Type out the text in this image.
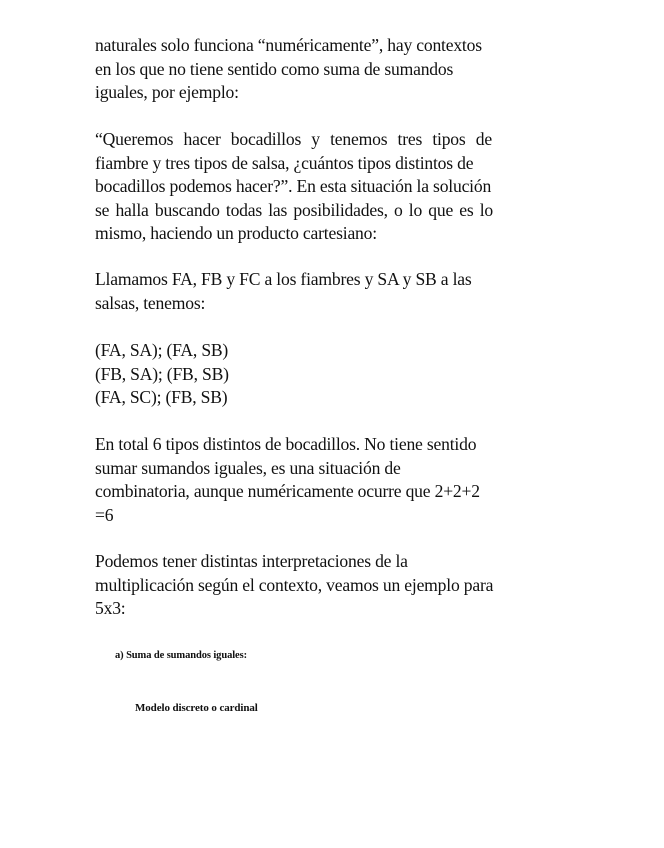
naturales solo funciona “numéricamente”, hay contextos
en los que no tiene sentido como suma de sumandos
iguales, por ejemplo:
“Queremos hacer bocadillos y tenemos tres tipos de
fiambre y tres tipos de salsa, ¿cuántos tipos distintos de
bocadillos podemos hacer?”. En esta situación la solución
se halla buscando todas las posibilidades, o lo que es lo
mismo, haciendo un producto cartesiano:
Llamamos FA, FB y FC a los fiambres y SA y SB a las
salsas, tenemos:
(FA, SA); (FA, SB)
(FB, SA); (FB, SB)
(FA, SC); (FB, SB)
En total 6 tipos distintos de bocadillos. No tiene sentido
sumar sumandos iguales, es una situación de
combinatoria, aunque numéricamente ocurre que 2+2+2
=6
Podemos tener distintas interpretaciones de la
multiplicación según el contexto, veamos un ejemplo para
5x3:
a) Suma de sumandos iguales:
Modelo discreto o cardinal
